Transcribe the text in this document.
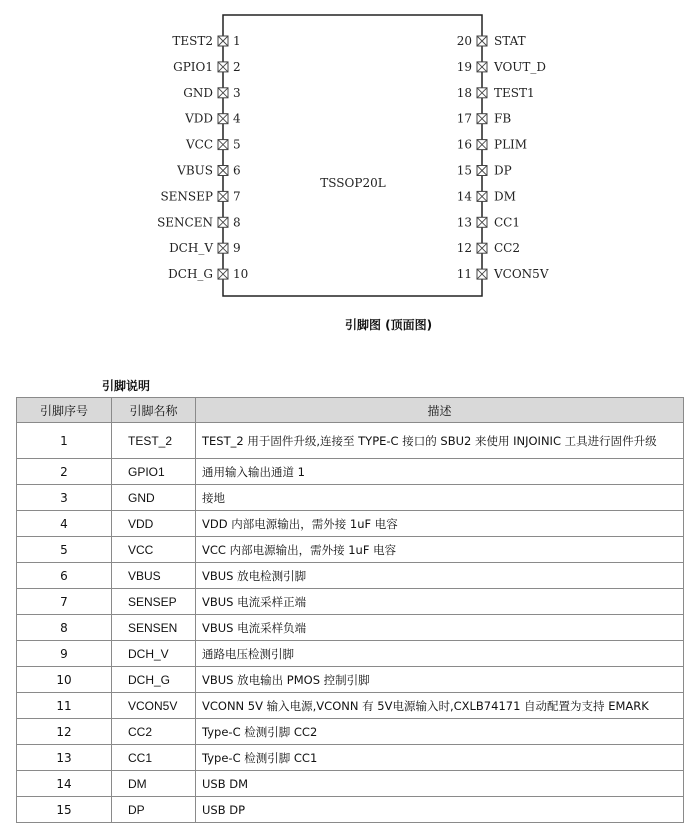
TSSOP20L
TEST2 1
GPIO1 2
GND 3
VDD 4
VCC 5
VBUS 6
SENSEP 7
SENCEN 8
DCH_V 9
DCH_G 10
STAT
20
VOUT_D
19
TEST1
18
FB
17
PLIM
16
DP
15
DM
14
CC1
13
CC2
12
VCON5V
11
引脚图 (顶面图)
引脚说明
引脚序号	引脚名称	描述
1	TEST_2	TEST_2 用于固件升级,连接至 TYPE-C 接口的 SBU2 来使用 INJOINIC 工具进行固件升级
2	GPIO1	通用输入输出通道 1
3	GND	接地
4	VDD	VDD 内部电源输出，需外接 1uF 电容
5	VCC	VCC 内部电源输出，需外接 1uF 电容
6	VBUS	VBUS 放电检测引脚
7	SENSEP	VBUS 电流采样正端
8	SENSEN	VBUS 电流采样负端
9	DCH_V	通路电压检测引脚
10	DCH_G	VBUS 放电输出 PMOS 控制引脚
11	VCON5V	VCONN 5V 输入电源,VCONN 有 5V电源输入时,CXLB74171 自动配置为支持 EMARK
12	CC2	Type-C 检测引脚 CC2
13	CC1	Type-C 检测引脚 CC1
14	DM	USB DM
15	DP	USB DP
